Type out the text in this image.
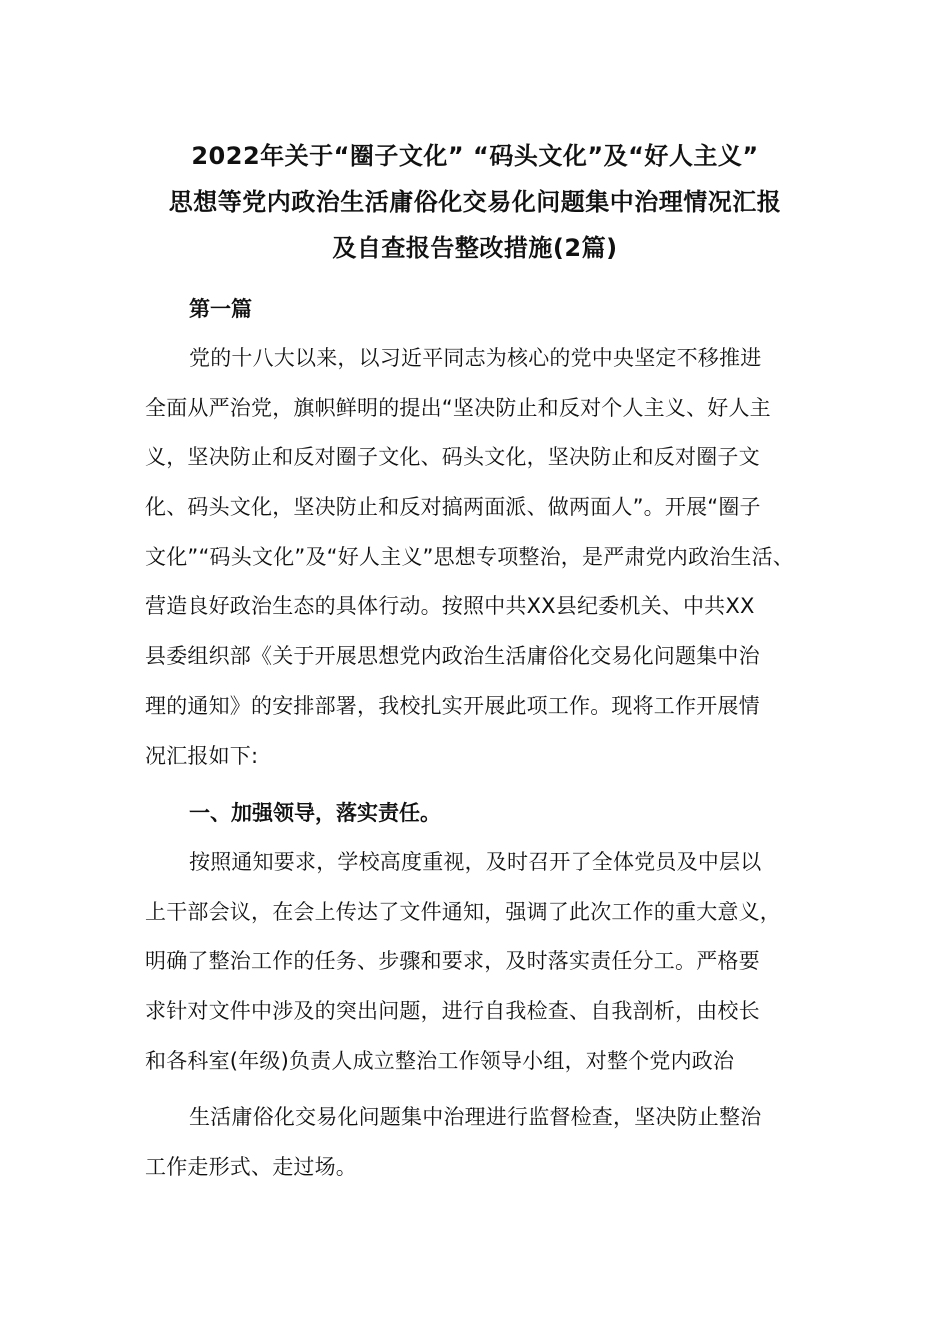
2022年关于“圈子文化” “码头文化”及“好人主义”
思想等党内政治生活庸俗化交易化问题集中治理情况汇报
及自查报告整改措施(2篇)
第一篇
党的十八大以来，以习近平同志为核心的党中央坚定不移推进
全面从严治党，旗帜鲜明的提出“坚决防止和反对个人主义、好人主
义，坚决防止和反对圈子文化、码头文化，坚决防止和反对圈子文
化、码头文化，坚决防止和反对搞两面派、做两面人”。开展“圈子
文化”“码头文化”及“好人主义”思想专项整治，是严肃党内政治生活、
营造良好政治生态的具体行动。按照中共XX县纪委机关、中共XX
县委组织部《关于开展思想党内政治生活庸俗化交易化问题集中治
理的通知》的安排部署，我校扎实开展此项工作。现将工作开展情
况汇报如下:
一、加强领导，落实责任。
按照通知要求，学校高度重视，及时召开了全体党员及中层以
上干部会议，在会上传达了文件通知，强调了此次工作的重大意义，
明确了整治工作的任务、步骤和要求，及时落实责任分工。严格要
求针对文件中涉及的突出问题，进行自我检查、自我剖析，由校长
和各科室(年级)负责人成立整治工作领导小组，对整个党内政治
生活庸俗化交易化问题集中治理进行监督检查，坚决防止整治
工作走形式、走过场。
